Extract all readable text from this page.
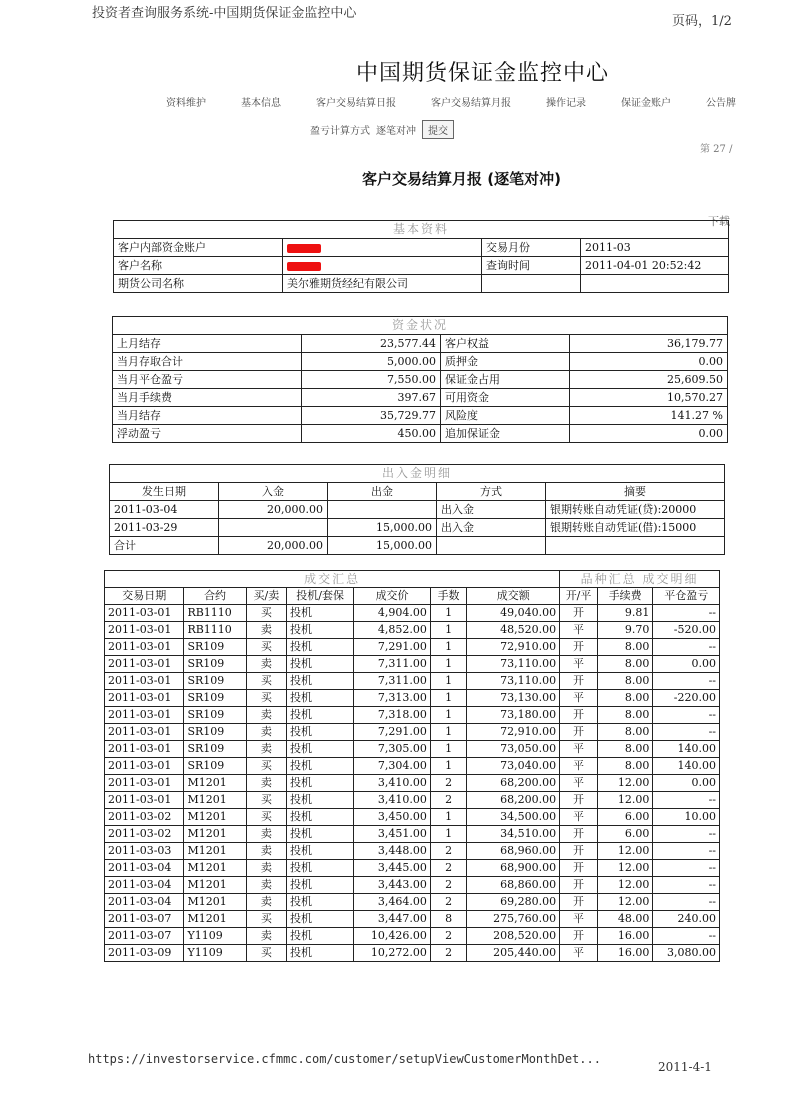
投资者查询服务系统-中国期货保证金监控中心
页码，1/2
中国期货保证金监控中心
资料维护	基本信息	客户交易结算日报	客户交易结算月报	操作记录	保证金账户	公告牌
盈亏计算方式 逐笔对冲	提交
第 27 /
客户交易结算月报 (逐笔对冲)
下载
基本资料			
客户内部资金账户		交易月份	2011-03
客户名称		查询时间	2011-04-01 20:52:42
期货公司名称	美尔雅期货经纪有限公司		
资金状况			
上月结存	23,577.44	客户权益	36,179.77
当月存取合计	5,000.00	质押金	0.00
当月平仓盈亏	7,550.00	保证金占用	25,609.50
当月手续费	397.67	可用资金	10,570.27
当月结存	35,729.77	风险度	141.27 %
浮动盈亏	450.00	追加保证金	0.00
出入金明细				
发生日期	入金	出金	方式	摘要
2011-03-04	20,000.00		出入金	银期转账自动凭证(贷):20000
2011-03-29		15,000.00	出入金	银期转账自动凭证(借):15000
合计	20,000.00	15,000.00		
成交汇总							品种汇总 成交明细		
交易日期	合约	买/卖	投机/套保	成交价	手数	成交额	开/平	手续费	平仓盈亏
2011-03-01	RB1110	买	投机	4,904.00	1	49,040.00	开	9.81	--
2011-03-01	RB1110	卖	投机	4,852.00	1	48,520.00	平	9.70	-520.00
2011-03-01	SR109	买	投机	7,291.00	1	72,910.00	开	8.00	--
2011-03-01	SR109	卖	投机	7,311.00	1	73,110.00	平	8.00	0.00
2011-03-01	SR109	买	投机	7,311.00	1	73,110.00	开	8.00	--
2011-03-01	SR109	买	投机	7,313.00	1	73,130.00	平	8.00	-220.00
2011-03-01	SR109	卖	投机	7,318.00	1	73,180.00	开	8.00	--
2011-03-01	SR109	卖	投机	7,291.00	1	72,910.00	开	8.00	--
2011-03-01	SR109	卖	投机	7,305.00	1	73,050.00	平	8.00	140.00
2011-03-01	SR109	买	投机	7,304.00	1	73,040.00	平	8.00	140.00
2011-03-01	M1201	卖	投机	3,410.00	2	68,200.00	平	12.00	0.00
2011-03-01	M1201	买	投机	3,410.00	2	68,200.00	开	12.00	--
2011-03-02	M1201	买	投机	3,450.00	1	34,500.00	平	6.00	10.00
2011-03-02	M1201	卖	投机	3,451.00	1	34,510.00	开	6.00	--
2011-03-03	M1201	卖	投机	3,448.00	2	68,960.00	开	12.00	--
2011-03-04	M1201	卖	投机	3,445.00	2	68,900.00	开	12.00	--
2011-03-04	M1201	卖	投机	3,443.00	2	68,860.00	开	12.00	--
2011-03-04	M1201	卖	投机	3,464.00	2	69,280.00	开	12.00	--
2011-03-07	M1201	买	投机	3,447.00	8	275,760.00	平	48.00	240.00
2011-03-07	Y1109	卖	投机	10,426.00	2	208,520.00	开	16.00	--
2011-03-09	Y1109	买	投机	10,272.00	2	205,440.00	平	16.00	3,080.00
https://investorservice.cfmmc.com/customer/setupViewCustomerMonthDet...
2011-4-1
